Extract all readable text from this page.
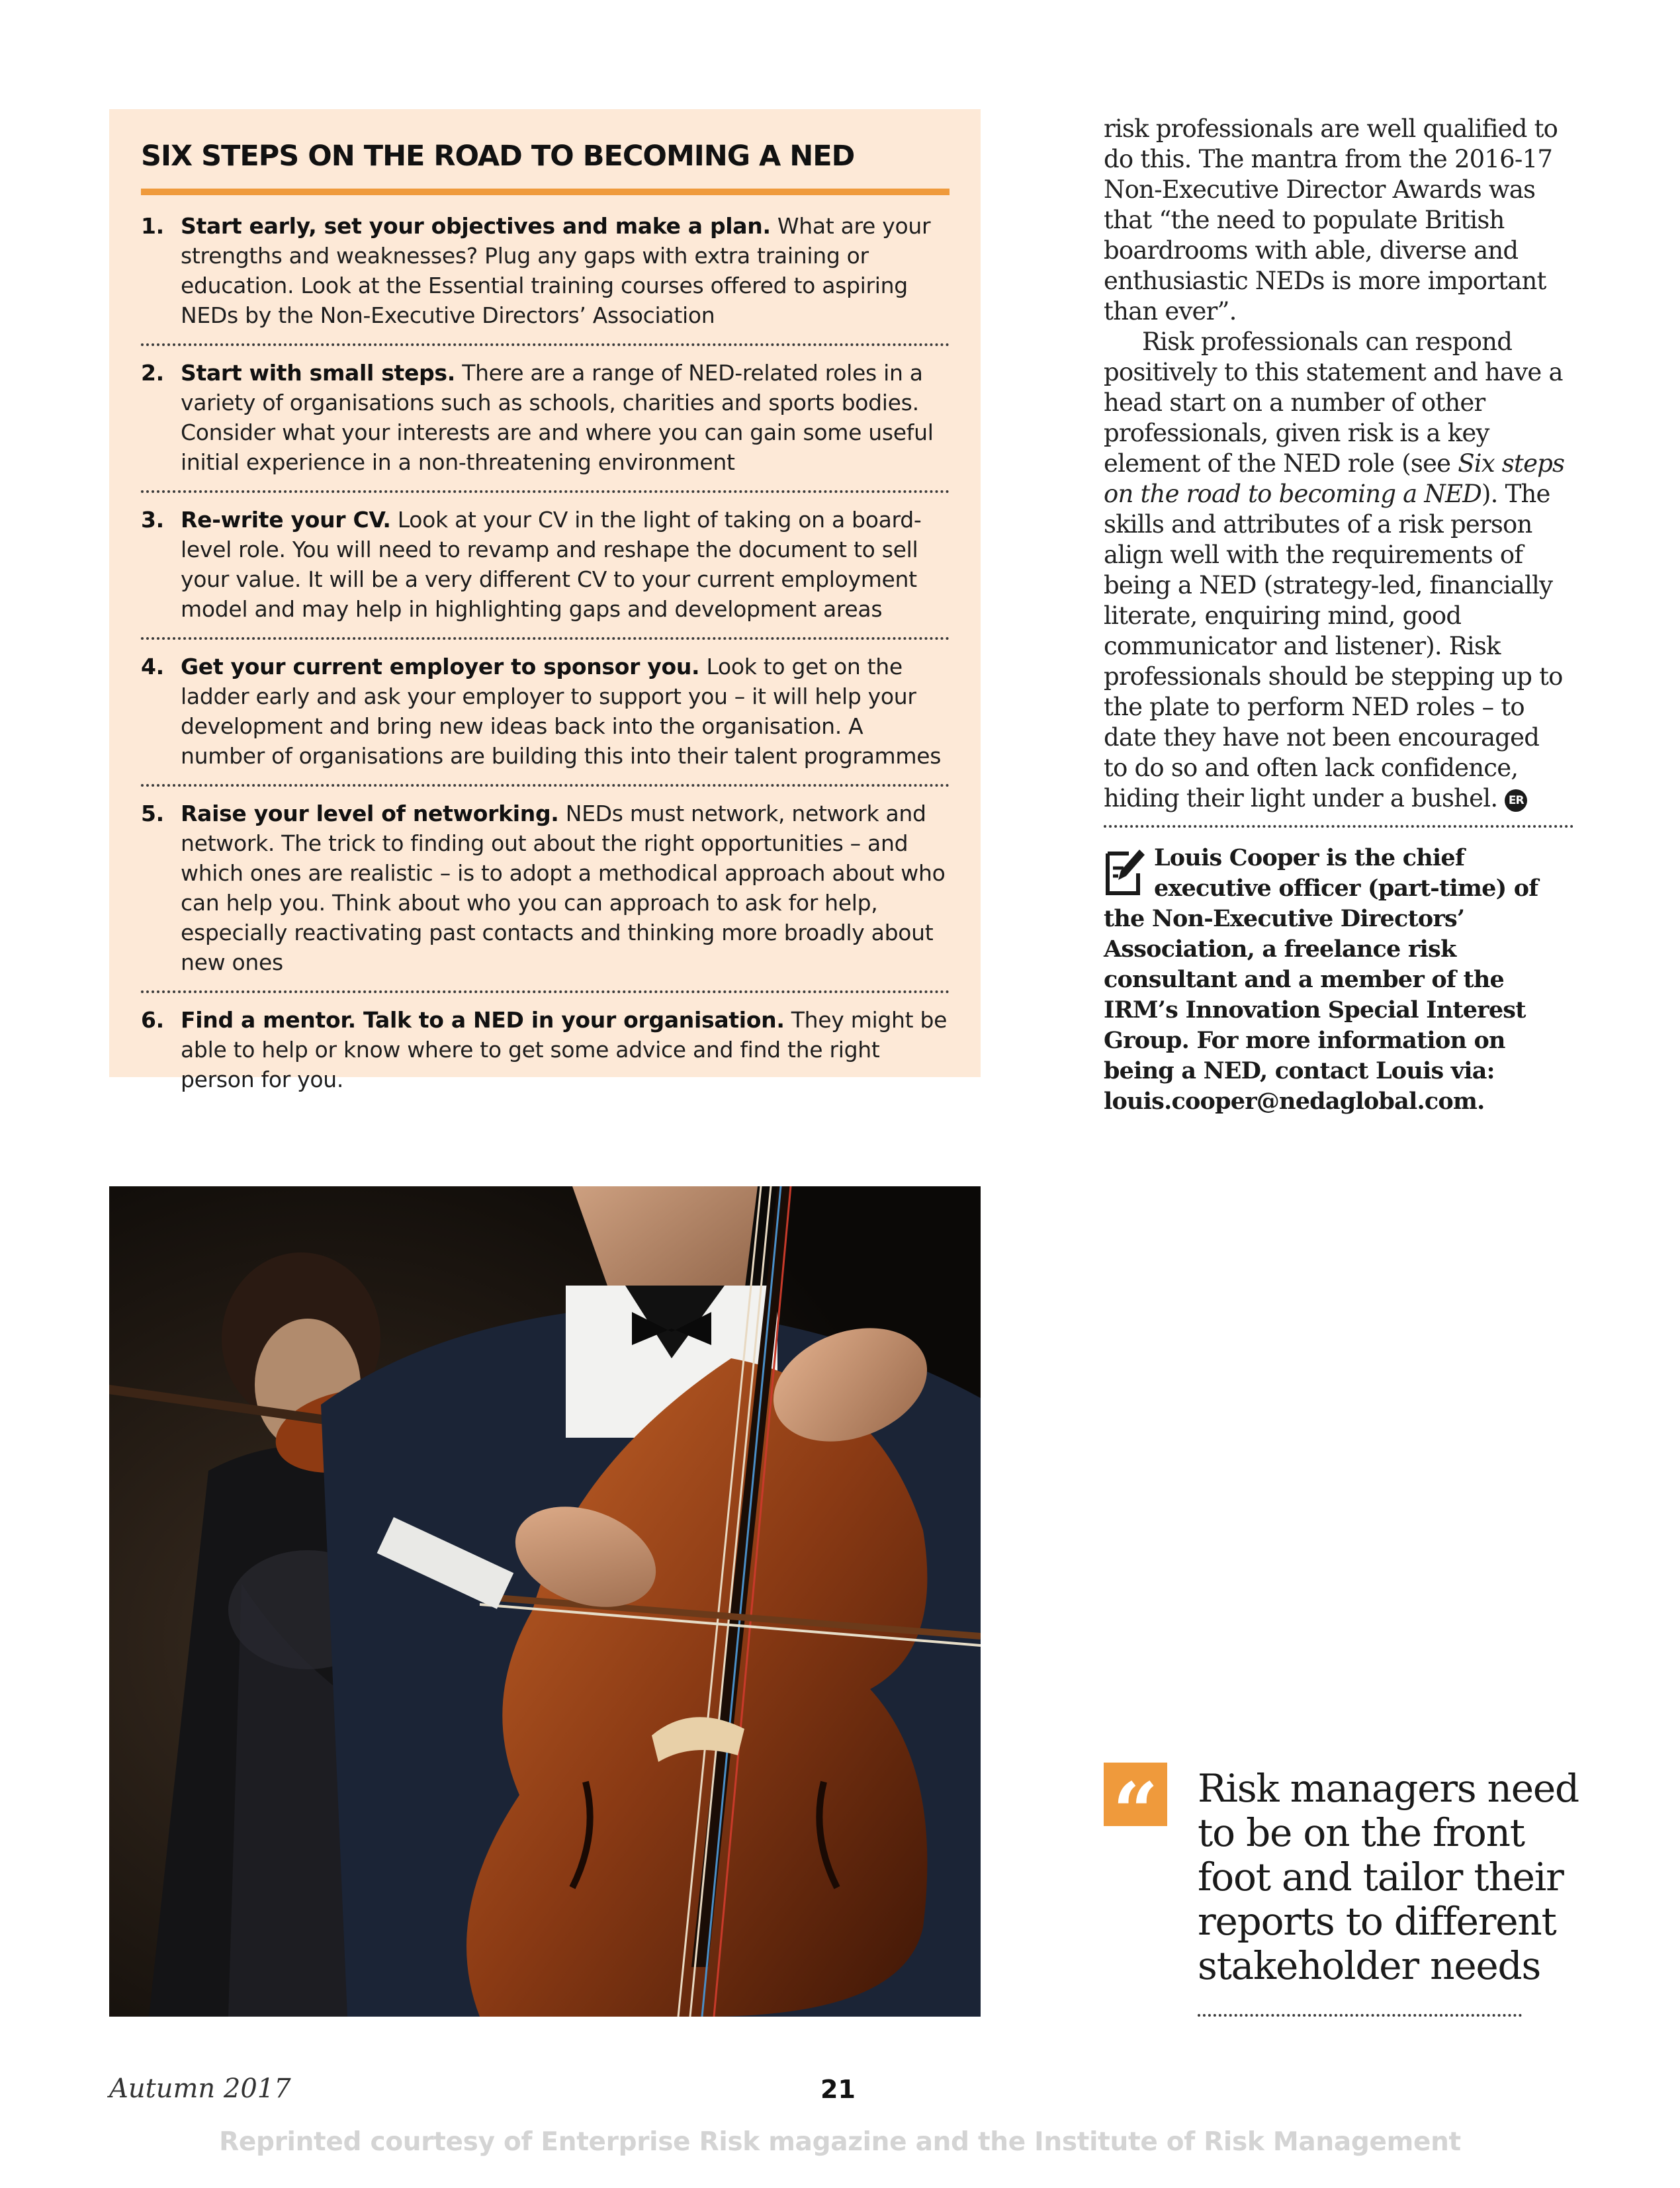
SIX STEPS ON THE ROAD TO BECOMING A NED
1. Start early, set your objectives and make a plan. What are your strengths and weaknesses? Plug any gaps with extra training or education. Look at the Essential training courses offered to aspiring NEDs by the Non-Executive Directors’ Association
2. Start with small steps. There are a range of NED-related roles in a variety of organisations such as schools, charities and sports bodies. Consider what your interests are and where you can gain some useful initial experience in a non-threatening environment
3. Re-write your CV. Look at your CV in the light of taking on a board-level role. You will need to revamp and reshape the document to sell your value. It will be a very different CV to your current employment model and may help in highlighting gaps and development areas
4. Get your current employer to sponsor you. Look to get on the ladder early and ask your employer to support you – it will help your development and bring new ideas back into the organisation. A number of organisations are building this into their talent programmes
5. Raise your level of networking. NEDs must network, network and network. The trick to finding out about the right opportunities – and which ones are realistic – is to adopt a methodical approach about who can help you. Think about who you can approach to ask for help, especially reactivating past contacts and thinking more broadly about new ones
6. Find a mentor. Talk to a NED in your organisation. They might be able to help or know where to get some advice and find the right person for you.

risk professionals are well qualified to do this. The mantra from the 2016-17 Non-Executive Director Awards was that “the need to populate British boardrooms with able, diverse and enthusiastic NEDs is more important than ever”.

Risk professionals can respond positively to this statement and have a head start on a number of other professionals, given risk is a key element of the NED role (see Six steps on the road to becoming a NED). The skills and attributes of a risk person align well with the requirements of being a NED (strategy-led, financially literate, enquiring mind, good communicator and listener). Risk professionals should be stepping up to the plate to perform NED roles – to date they have not been encouraged to do so and often lack confidence, hiding their light under a bushel. ER

Louis Cooper is the chief executive officer (part-time) of the Non-Executive Directors’ Association, a freelance risk consultant and a member of the IRM’s Innovation Special Interest Group. For more information on being a NED, contact Louis via: louis.cooper@nedaglobal.com.
“ Risk managers need to be on the front foot and tailor their reports to different stakeholder needs

Autumn 2017	21
Reprinted courtesy of Enterprise Risk magazine and the Institute of Risk Management
